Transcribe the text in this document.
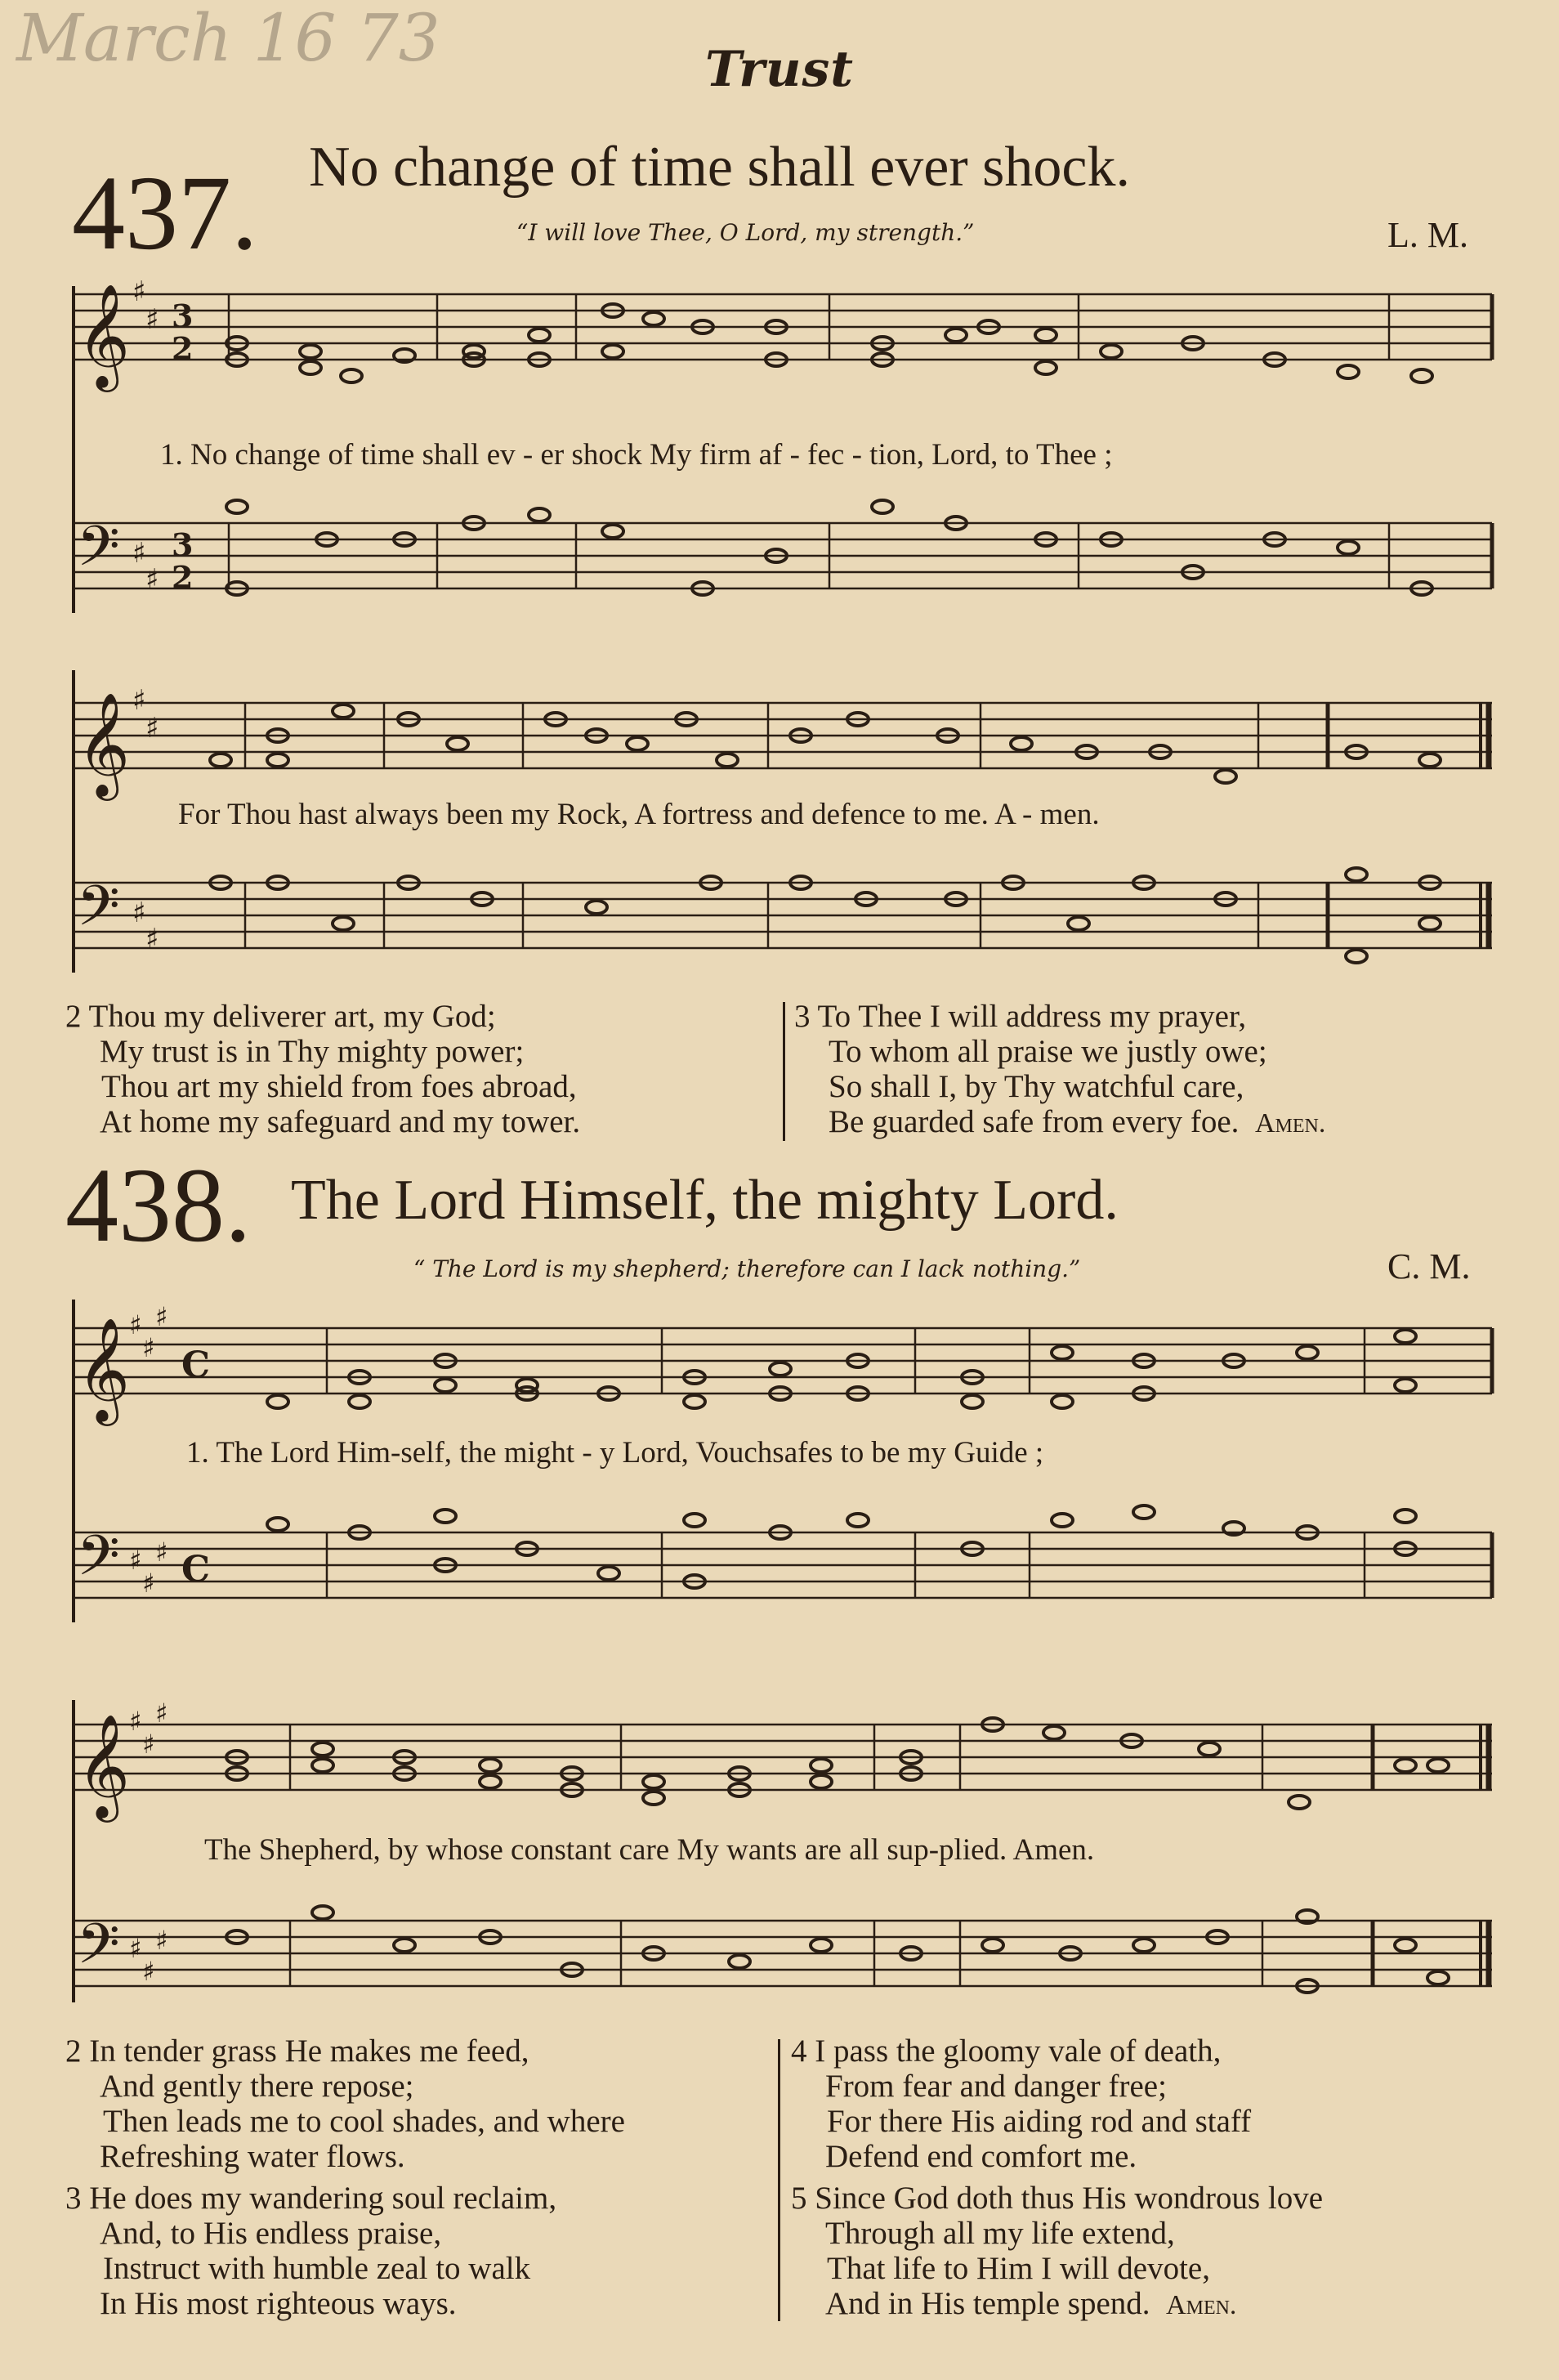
March 16 73	Trust
437. No change of time shall ever shock.
“I will love Thee, O Lord, my strength.”	L. M.
𝄞
𝄢
♯
♯
♯
♯
3
2
3
2
1. No change of time shall ev - er shock My firm af - fec - tion, Lord, to Thee ;
𝄞
𝄢
♯
♯
♯
♯
For Thou hast always been my Rock, A fortress and defence to me. A - men.
2 Thou my deliverer art, my God;
My trust is in Thy mighty power;
Thou art my shield from foes abroad,
At home my safeguard and my tower.
3 To Thee I will address my prayer,
To whom all praise we justly owe;
So shall I, by Thy watchful care,
Be guarded safe from every foe. Amen.
438. The Lord Himself, the mighty Lord.
“ The Lord is my shepherd; therefore can I lack nothing.”	C. M.
𝄞
𝄢
♯
♯
♯
♯
♯
♯
C
C
1. The Lord Him-self, the might - y Lord, Vouchsafes to be my Guide ;
𝄞
𝄢
♯
♯
♯
♯
♯
♯
The Shepherd, by whose constant care My wants are all sup-plied. Amen.
2 In tender grass He makes me feed,
And gently there repose;
Then leads me to cool shades, and where
Refreshing water flows.
3 He does my wandering soul reclaim,
And, to His endless praise,
Instruct with humble zeal to walk
In His most righteous ways.
4 I pass the gloomy vale of death,
From fear and danger free;
For there His aiding rod and staff
Defend end comfort me.
5 Since God doth thus His wondrous love
Through all my life extend,
That life to Him I will devote,
And in His temple spend. Amen.
